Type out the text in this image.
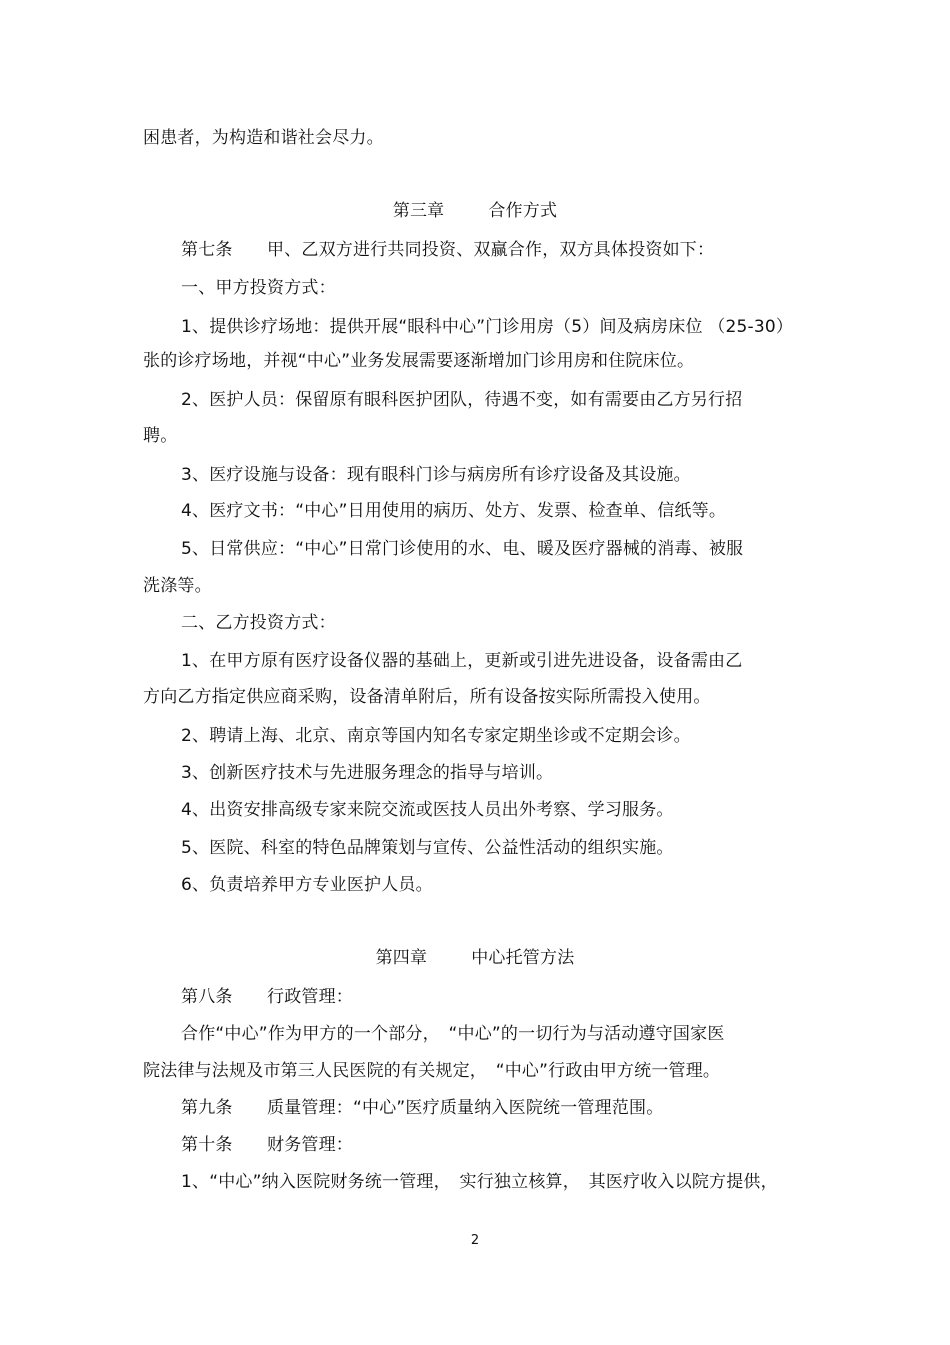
困患者，为构造和谐社会尽力。
第三章	合作方式
第七条　　甲、乙双方进行共同投资、双赢合作，双方具体投资如下：
一、甲方投资方式：
1、提供诊疗场地：提供开展“眼科中心”门诊用房（5）间及病房床位 （25-30）
张的诊疗场地，并视“中心”业务发展需要逐渐增加门诊用房和住院床位。
2、医护人员：保留原有眼科医护团队，待遇不变，如有需要由乙方另行招
聘。
3、医疗设施与设备：现有眼科门诊与病房所有诊疗设备及其设施。
4、医疗文书：“中心”日用使用的病历、处方、发票、检查单、信纸等。
5、日常供应：“中心”日常门诊使用的水、电、暖及医疗器械的消毒、被服
洗涤等。
二、乙方投资方式：
1、在甲方原有医疗设备仪器的基础上，更新或引进先进设备，设备需由乙
方向乙方指定供应商采购，设备清单附后，所有设备按实际所需投入使用。
2、聘请上海、北京、南京等国内知名专家定期坐诊或不定期会诊。
3、创新医疗技术与先进服务理念的指导与培训。
4、出资安排高级专家来院交流或医技人员出外考察、学习服务。
5、医院、科室的特色品牌策划与宣传、公益性活动的组织实施。
6、负责培养甲方专业医护人员。
第四章	中心托管方法
第八条　　行政管理：
合作“中心”作为甲方的一个部分，　“中心”的一切行为与活动遵守国家医
院法律与法规及市第三人民医院的有关规定，　“中心”行政由甲方统一管理。
第九条　　质量管理：“中心”医疗质量纳入医院统一管理范围。
第十条　　财务管理：
1、“中心”纳入医院财务统一管理，　实行独立核算，　其医疗收入以院方提供，
2
